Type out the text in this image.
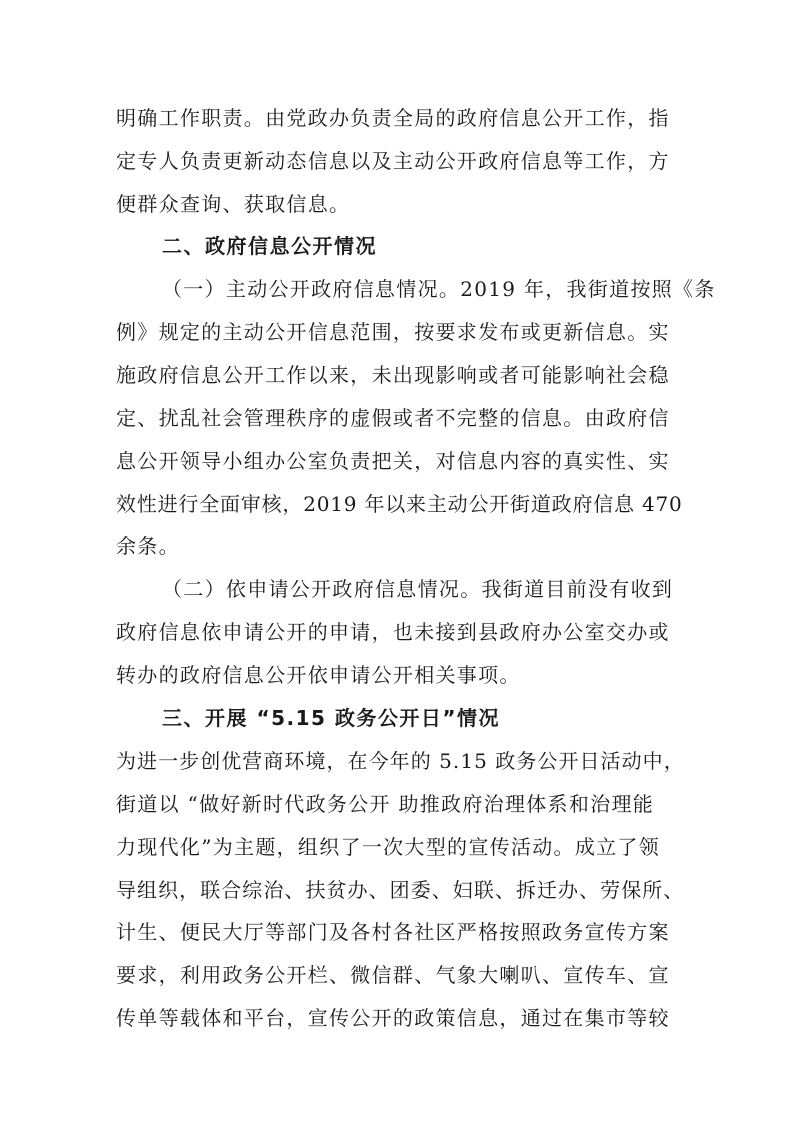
明确工作职责。由党政办负责全局的政府信息公开工作，指
定专人负责更新动态信息以及主动公开政府信息等工作，方
便群众查询、获取信息。
二、政府信息公开情况
（一）主动公开政府信息情况。2019 年，我街道按照《条
例》规定的主动公开信息范围，按要求发布或更新信息。实
施政府信息公开工作以来，未出现影响或者可能影响社会稳
定、扰乱社会管理秩序的虚假或者不完整的信息。由政府信
息公开领导小组办公室负责把关，对信息内容的真实性、实
效性进行全面审核，2019 年以来主动公开街道政府信息 470
余条。
（二）依申请公开政府信息情况。我街道目前没有收到
政府信息依申请公开的申请，也未接到县政府办公室交办或
转办的政府信息公开依申请公开相关事项。
三、开展 “5.15 政务公开日”情况
为进一步创优营商环境，在今年的 5.15 政务公开日活动中，
街道以 “做好新时代政务公开 助推政府治理体系和治理能
力现代化”为主题，组织了一次大型的宣传活动。成立了领
导组织，联合综治、扶贫办、团委、妇联、拆迁办、劳保所、
计生、便民大厅等部门及各村各社区严格按照政务宣传方案
要求，利用政务公开栏、微信群、气象大喇叭、宣传车、宣
传单等载体和平台，宣传公开的政策信息，通过在集市等较
